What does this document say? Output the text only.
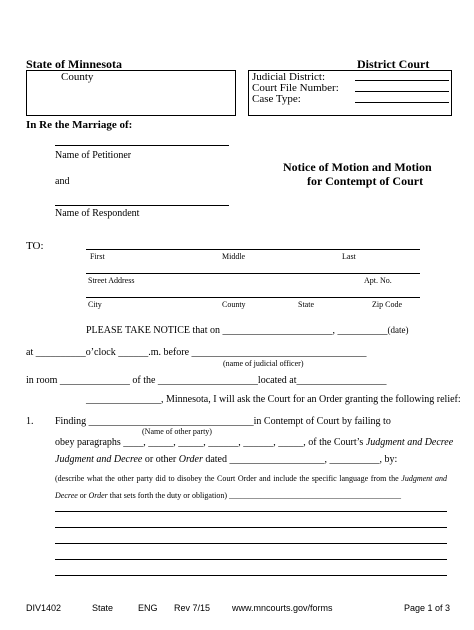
State of Minnesota	District Court
County	Judicial District:
Court File Number:
Case Type:
In Re the Marriage of:
Name of Petitioner
and
Name of Respondent
Notice of Motion and Motion
for Contempt of Court
TO:
First	Middle	Last
Street Address	Apt. No.
City	County	State	Zip Code
PLEASE TAKE NOTICE that on ______________________, __________(date)
at __________o’clock ______.m. before ___________________________________
(name of judicial officer)
in room ______________ of the ____________________located at__________________
_______________, Minnesota, I will ask the Court for an Order granting the following relief:
1. Finding _________________________________in Contempt of Court by failing to
(Name of other party)
obey paragraphs ____, _____, _____, ______, ______, _____, of the Court’s Judgment and Decree
Judgment and Decree or other Order dated ___________________, __________, by:
(describe what the other party did to disobey the Court Order and include the specific language from the Judgment and Decree or Order that sets forth the duty or obligation) ___________________________________________
DIV1402	State	ENG Rev 7/15 www.mncourts.gov/forms	Page 1 of 3
